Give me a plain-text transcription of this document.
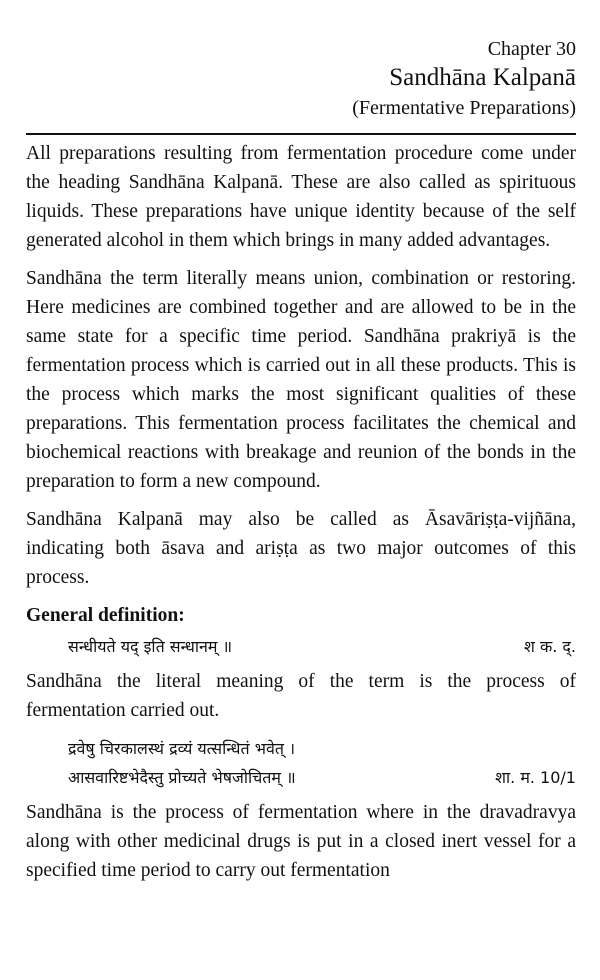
Chapter 30
Sandhāna Kalpanā
(Fermentative Preparations)

All preparations resulting from fermentation procedure come under the heading Sandhāna Kalpanā. These are also called as spirituous liquids. These preparations have unique identity because of the self generated alcohol in them which brings in many added advantages.

Sandhāna the term literally means union, combination or restoring. Here medicines are combined together and are allowed to be in the same state for a specific time period. Sandhāna prakriyā is the fermentation process which is carried out in all these products. This is the process which marks the most significant qualities of these preparations. This fermentation process facilitates the chemical and biochemical reactions with breakage and reunion of the bonds in the preparation to form a new compound.

Sandhāna Kalpanā may also be called as Āsavāriṣṭa-vijñāna, indicating both āsava and ariṣṭa as two major outcomes of this process.

General definition:
सन्धीयते यद् इति सन्धानम् ॥	श क. द्.

Sandhāna the literal meaning of the term is the process of fermentation carried out.

द्रवेषु चिरकालस्थं द्रव्यं यत्सन्धितं भवेत् ।
आसवारिष्टभेदैस्तु प्रोच्यते भेषजोचितम् ॥	शा. म. 10/1

Sandhāna is the process of fermentation where in the dravadravya along with other medicinal drugs is put in a closed inert vessel for a specified time period to carry out fermentation
